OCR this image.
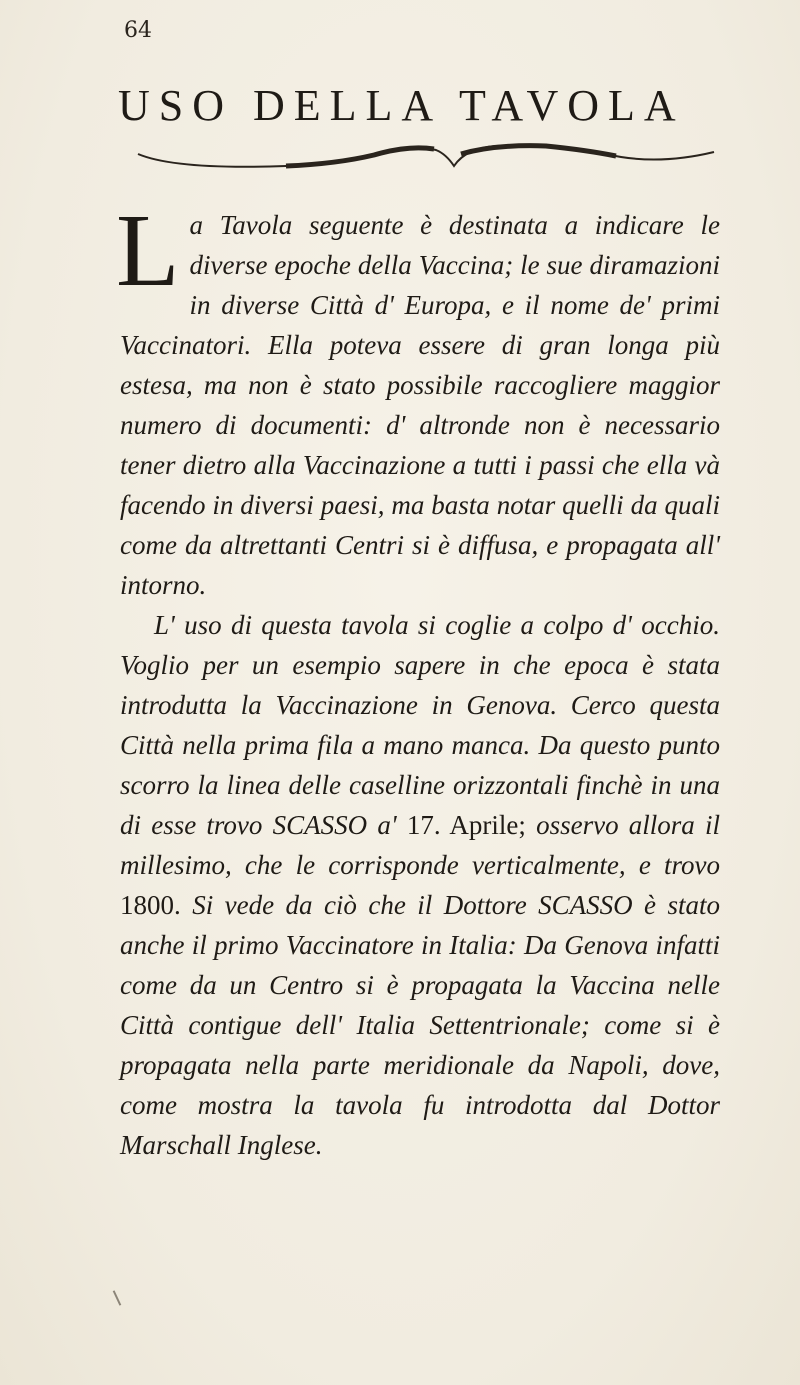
64
USO DELLA TAVOLA

L a Tavola seguente è destinata a indicare le diverse epoche della Vaccina; le sue diramazioni in diverse Città d' Europa, e il nome de' primi Vaccinatori. Ella poteva essere di gran longa più estesa, ma non è stato possibile raccogliere maggior numero di documenti: d' altronde non è necessario tener dietro alla Vaccinazione a tutti i passi che ella và facendo in diversi paesi, ma basta notar quelli da quali come da altrettanti Centri si è diffusa, e propagata all' intorno.

L' uso di questa tavola si coglie a colpo d' occhio. Voglio per un esempio sapere in che epoca è stata introdutta la Vaccinazione in Genova. Cerco questa Città nella prima fila a mano manca. Da questo punto scorro la linea delle caselline orizzontali finchè in una di esse trovo SCASSO a' 17. Aprile; osservo allora il millesimo, che le corrisponde verticalmente, e trovo 1800. Si vede da ciò che il Dottore SCASSO è stato anche il primo Vaccinatore in Italia: Da Genova infatti come da un Centro si è propagata la Vaccina nelle Città contigue dell' Italia Settentrionale; come si è propagata nella parte meridionale da Napoli, dove, come mostra la tavola fu introdotta dal Dottor Marschall Inglese.
